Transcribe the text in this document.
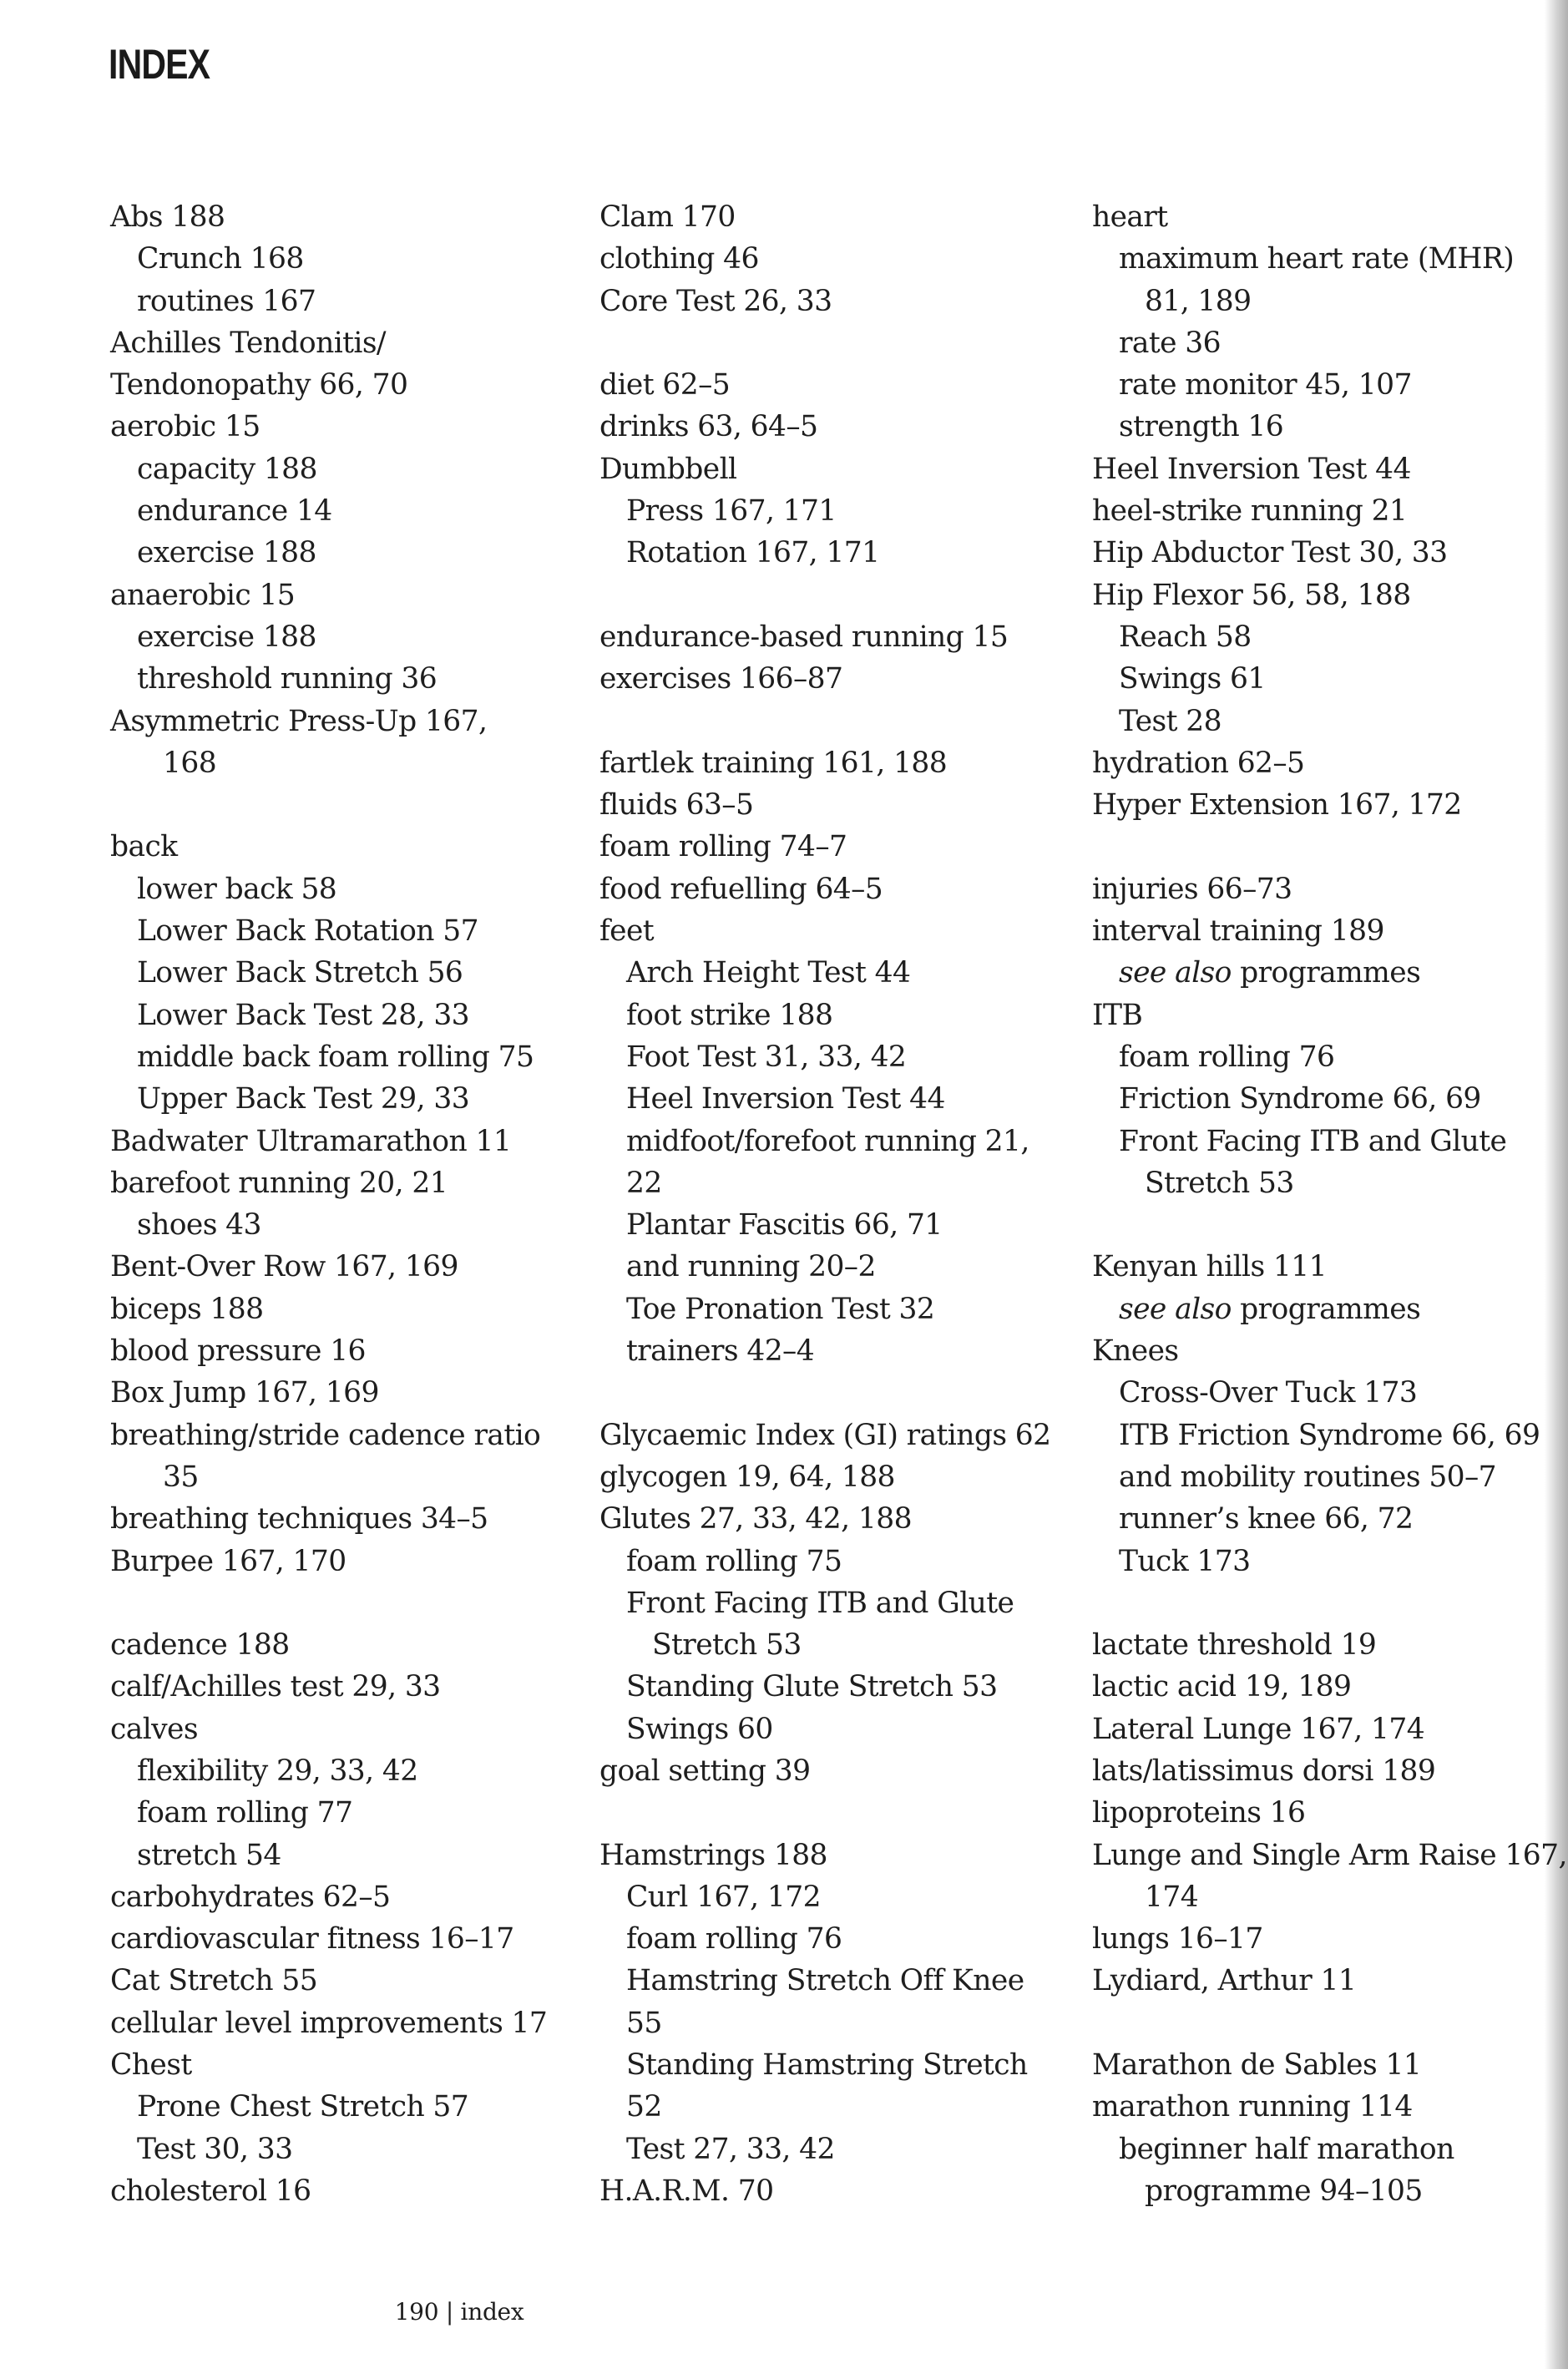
INDEX
Abs 188
Crunch 168
routines 167
Achilles Tendonitis/
Tendonopathy 66, 70
aerobic 15
capacity 188
endurance 14
exercise 188
anaerobic 15
exercise 188
threshold running 36
Asymmetric Press-Up 167,
168
back
lower back 58
Lower Back Rotation 57
Lower Back Stretch 56
Lower Back Test 28, 33
middle back foam rolling 75
Upper Back Test 29, 33
Badwater Ultramarathon 11
barefoot running 20, 21
shoes 43
Bent-Over Row 167, 169
biceps 188
blood pressure 16
Box Jump 167, 169
breathing/stride cadence ratio
35
breathing techniques 34–5
Burpee 167, 170
cadence 188
calf/Achilles test 29, 33
calves
flexibility 29, 33, 42
foam rolling 77
stretch 54
carbohydrates 62–5
cardiovascular fitness 16–17
Cat Stretch 55
cellular level improvements 17
Chest
Prone Chest Stretch 57
Test 30, 33
cholesterol 16
Clam 170
clothing 46
Core Test 26, 33
diet 62–5
drinks 63, 64–5
Dumbbell
Press 167, 171
Rotation 167, 171
endurance-based running 15
exercises 166–87
fartlek training 161, 188
fluids 63–5
foam rolling 74–7
food refuelling 64–5
feet
Arch Height Test 44
foot strike 188
Foot Test 31, 33, 42
Heel Inversion Test 44
midfoot/forefoot running 21,
22
Plantar Fascitis 66, 71
and running 20–2
Toe Pronation Test 32
trainers 42–4
Glycaemic Index (GI) ratings 62
glycogen 19, 64, 188
Glutes 27, 33, 42, 188
foam rolling 75
Front Facing ITB and Glute
Stretch 53
Standing Glute Stretch 53
Swings 60
goal setting 39
Hamstrings 188
Curl 167, 172
foam rolling 76
Hamstring Stretch Off Knee
55
Standing Hamstring Stretch
52
Test 27, 33, 42
H.A.R.M. 70
heart
maximum heart rate (MHR)
81, 189
rate 36
rate monitor 45, 107
strength 16
Heel Inversion Test 44
heel-strike running 21
Hip Abductor Test 30, 33
Hip Flexor 56, 58, 188
Reach 58
Swings 61
Test 28
hydration 62–5
Hyper Extension 167, 172
injuries 66–73
interval training 189
see also programmes
ITB
foam rolling 76
Friction Syndrome 66, 69
Front Facing ITB and Glute
Stretch 53
Kenyan hills 111
see also programmes
Knees
Cross-Over Tuck 173
ITB Friction Syndrome 66, 69
and mobility routines 50–7
runner’s knee 66, 72
Tuck 173
lactate threshold 19
lactic acid 19, 189
Lateral Lunge 167, 174
lats/latissimus dorsi 189
lipoproteins 16
Lunge and Single Arm Raise 167,
174
lungs 16–17
Lydiard, Arthur 11
Marathon de Sables 11
marathon running 114
beginner half marathon
programme 94–105
190 | index
